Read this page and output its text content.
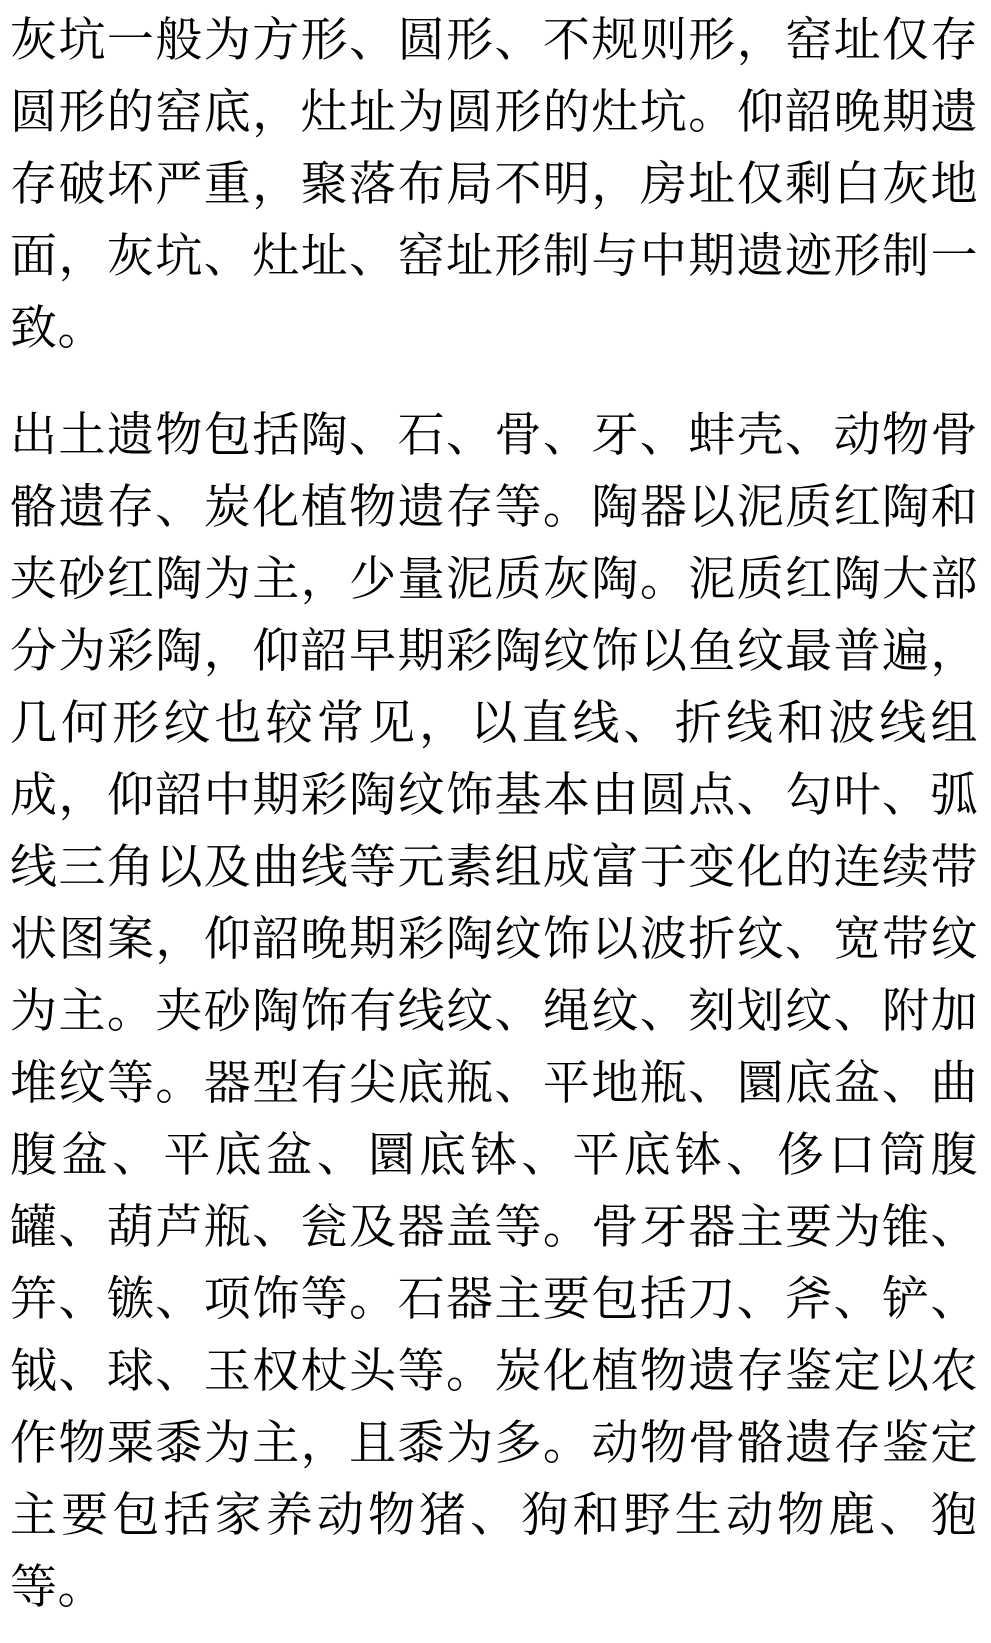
灰坑一般为方形、圆形、不规则形，窑址仅存圆形的窑底，灶址为圆形的灶坑。仰韶晚期遗存破坏严重，聚落布局不明，房址仅剩白灰地面，灰坑、灶址、窑址形制与中期遗迹形制一致。

出土遗物包括陶、石、骨、牙、蚌壳、动物骨骼遗存、炭化植物遗存等。陶器以泥质红陶和夹砂红陶为主，少量泥质灰陶。泥质红陶大部分为彩陶，仰韶早期彩陶纹饰以鱼纹最普遍，几何形纹也较常见，以直线、折线和波线组成，仰韶中期彩陶纹饰基本由圆点、勾叶、弧线三角以及曲线等元素组成富于变化的连续带状图案，仰韶晚期彩陶纹饰以波折纹、宽带纹为主。夹砂陶饰有线纹、绳纹、刻划纹、附加堆纹等。器型有尖底瓶、平地瓶、圜底盆、曲腹盆、平底盆、圜底钵、平底钵、侈口筒腹罐、葫芦瓶、瓮及器盖等。骨牙器主要为锥、笄、镞、项饰等。石器主要包括刀、斧、铲、钺、球、玉权杖头等。炭化植物遗存鉴定以农作物粟黍为主，且黍为多。动物骨骼遗存鉴定主要包括家养动物猪、狗和野生动物鹿、狍等。
